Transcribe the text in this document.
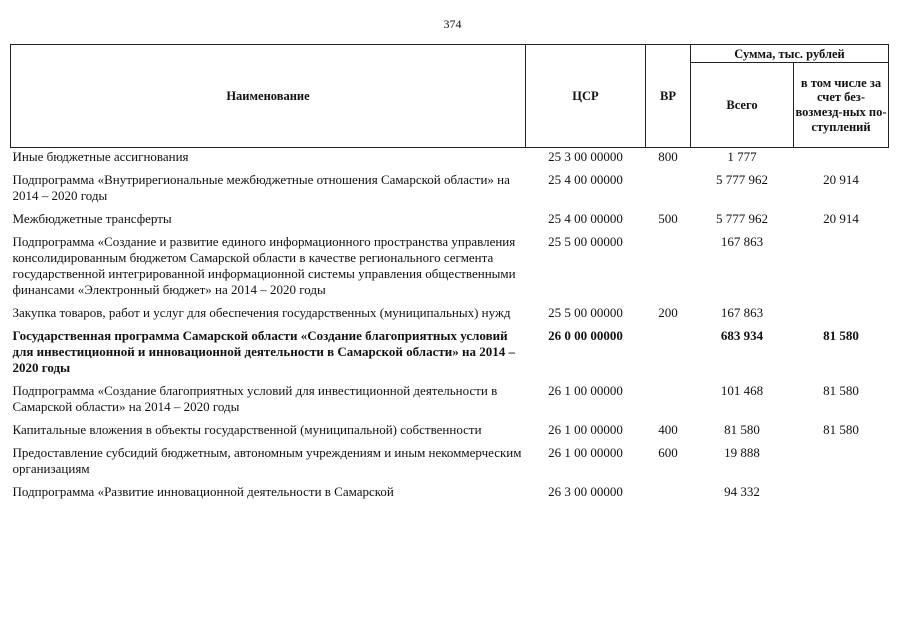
374
Наименование	ЦСР	ВР	Сумма, тыс. рублей	
			Всего	в том числе за счет без-возмезд-ных по-ступлений
Иные бюджетные ассигнования	25 3 00 00000	800	1 777	
Подпрограмма «Внутрирегиональные межбюджетные отношения Самарской области» на 2014 – 2020 годы	25 4 00 00000		5 777 962	20 914
Межбюджетные трансферты	25 4 00 00000	500	5 777 962	20 914
Подпрограмма «Создание и развитие единого информационного пространства управления консолидированным бюджетом Самарской области в качестве регионального сегмента государственной интегрированной информационной системы управления общественными финансами «Электронный бюджет» на 2014 – 2020 годы	25 5 00 00000		167 863	
Закупка товаров, работ и услуг для обеспечения государственных (муниципальных) нужд	25 5 00 00000	200	167 863	
Государственная программа Самарской области «Создание благоприятных условий для инвестиционной и инновационной деятельности в Самарской области» на 2014 – 2020 годы	26 0 00 00000		683 934	81 580
Подпрограмма «Создание благоприятных условий для инвестиционной деятельности в Самарской области» на 2014 – 2020 годы	26 1 00 00000		101 468	81 580
Капитальные вложения в объекты государственной (муниципальной) собственности	26 1 00 00000	400	81 580	81 580
Предоставление субсидий бюджетным, автономным учреждениям и иным некоммерческим организациям	26 1 00 00000	600	19 888	
Подпрограмма «Развитие инновационной деятельности в Самарской	26 3 00 00000		94 332	
